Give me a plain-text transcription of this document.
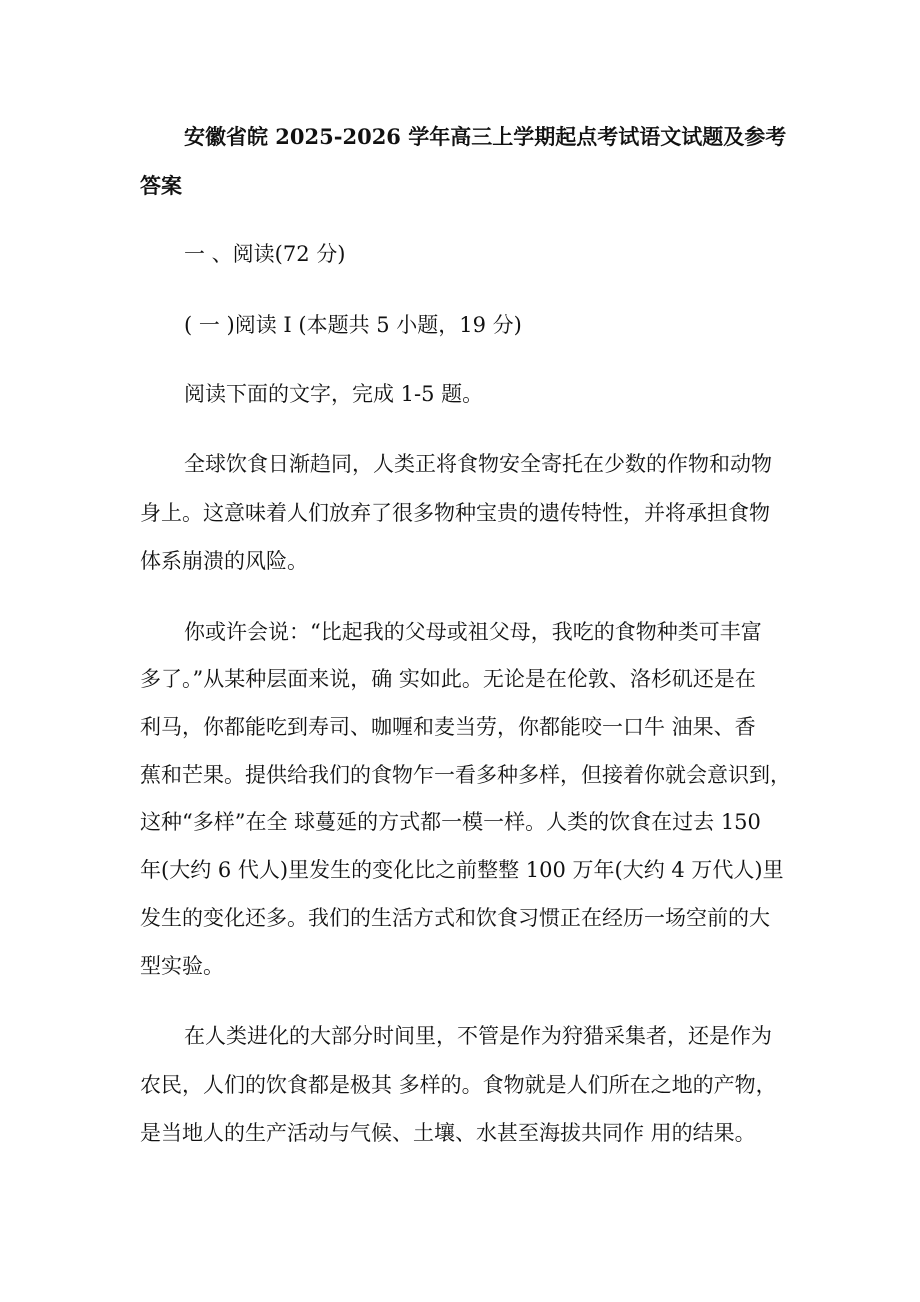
安徽省皖 2025-2026 学年高三上学期起点考试语文试题及参考
答案
一 、阅读(72 分)
( 一 )阅读 I (本题共 5 小题，19 分)
阅读下面的文字，完成 1-5 题。
全球饮食日渐趋同，人类正将食物安全寄托在少数的作物和动物
身上。这意味着人们放弃了很多物种宝贵的遗传特性，并将承担食物
体系崩溃的风险。
你或许会说：“比起我的父母或祖父母，我吃的食物种类可丰富
多了。”从某种层面来说，确 实如此。无论是在伦敦、洛杉矶还是在
利马，你都能吃到寿司、咖喱和麦当劳，你都能咬一口牛 油果、香
蕉和芒果。提供给我们的食物乍一看多种多样，但接着你就会意识到，
这种“多样”在全 球蔓延的方式都一模一样。人类的饮食在过去 150
年(大约 6 代人)里发生的变化比之前整整 100 万年(大约 4 万代人)里
发生的变化还多。我们的生活方式和饮食习惯正在经历一场空前的大
型实验。
在人类进化的大部分时间里，不管是作为狩猎采集者，还是作为
农民，人们的饮食都是极其 多样的。食物就是人们所在之地的产物，
是当地人的生产活动与气候、土壤、水甚至海拔共同作 用的结果。
